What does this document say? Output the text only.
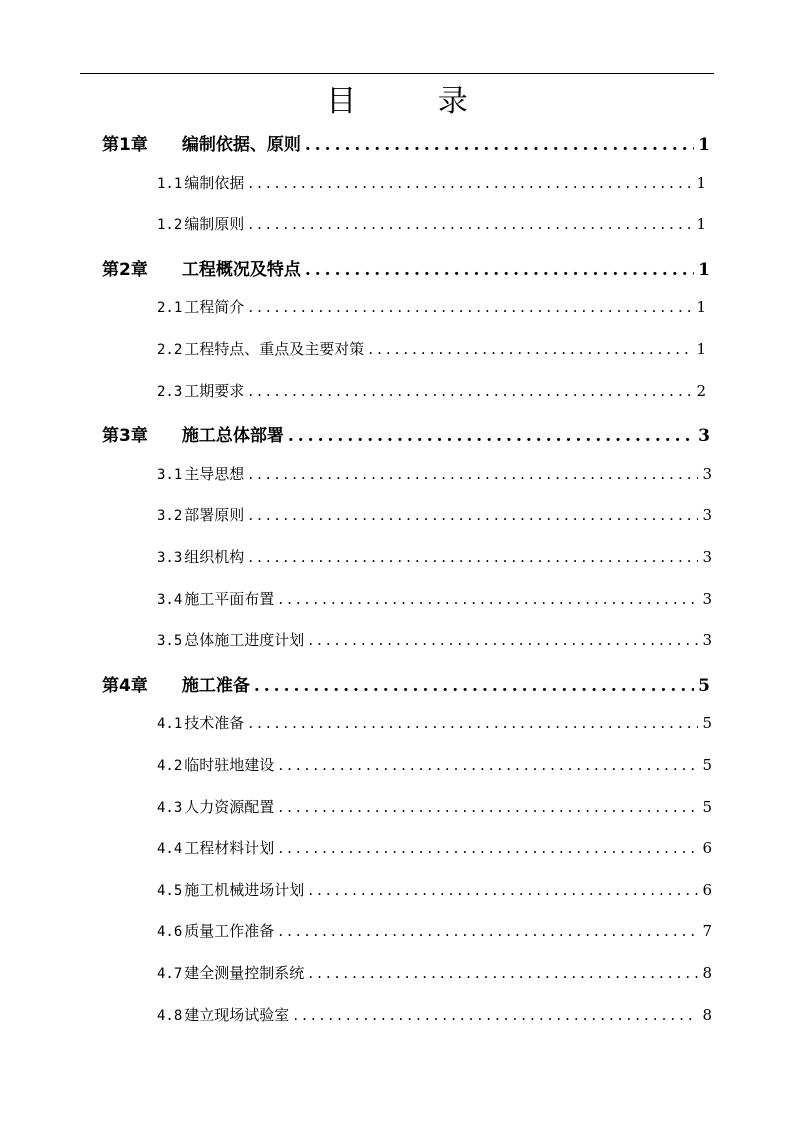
目 录
第1章 编制依据、原则 .....	1
1.1 编制依据 .....	1
1.2 编制原则 .....	1
第2章 工程概况及特点 .....	1
2.1 工程简介 .....	1
2.2 工程特点、重点及主要对策 .....	1
2.3 工期要求 .....	2
第3章 施工总体部署 .....	3
3.1 主导思想 .....	3
3.2 部署原则 .....	3
3.3 组织机构 .....	3
3.4 施工平面布置 .....	3
3.5 总体施工进度计划 .....	3
第4章 施工准备 .....	5
4.1 技术准备 .....	5
4.2 临时驻地建设 .....	5
4.3 人力资源配置 .....	5
4.4 工程材料计划 .....	6
4.5 施工机械进场计划 .....	6
4.6 质量工作准备 .....	7
4.7 建全测量控制系统 .....	8
4.8 建立现场试验室 .....	8
